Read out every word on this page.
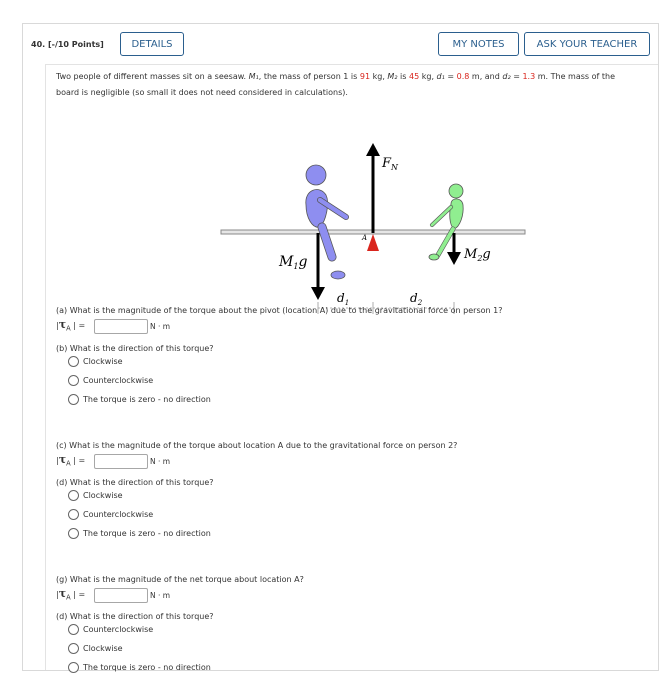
40. [-/10 Points]	DETAILS	MY NOTES	ASK YOUR TEACHER
Two people of different masses sit on a seesaw. M₁, the mass of person 1 is 91 kg, M₂ is 45 kg, d₁ = 0.8 m, and d₂ = 1.3 m. The mass of the board is negligible (so small it does not need considered in calculations).
$F_N$
A
$M_1g$	$M_2g$
$d_1$	$d_2$
(a) What is the magnitude of the torque about the pivot (location A) due to the gravitational force on person 1?
$|\tau_A$ | =	N · m
(b) What is the direction of this torque?
Clockwise
Counterclockwise
The torque is zero - no direction
(c) What is the magnitude of the torque about location A due to the gravitational force on person 2?
$|\tau_A$ | =	N · m
(d) What is the direction of this torque?
Clockwise
Counterclockwise
The torque is zero - no direction
(g) What is the magnitude of the net torque about location A?
$|\tau_A$ | =	N · m
(d) What is the direction of this torque?
Counterclockwise
Clockwise
The torque is zero - no direction
